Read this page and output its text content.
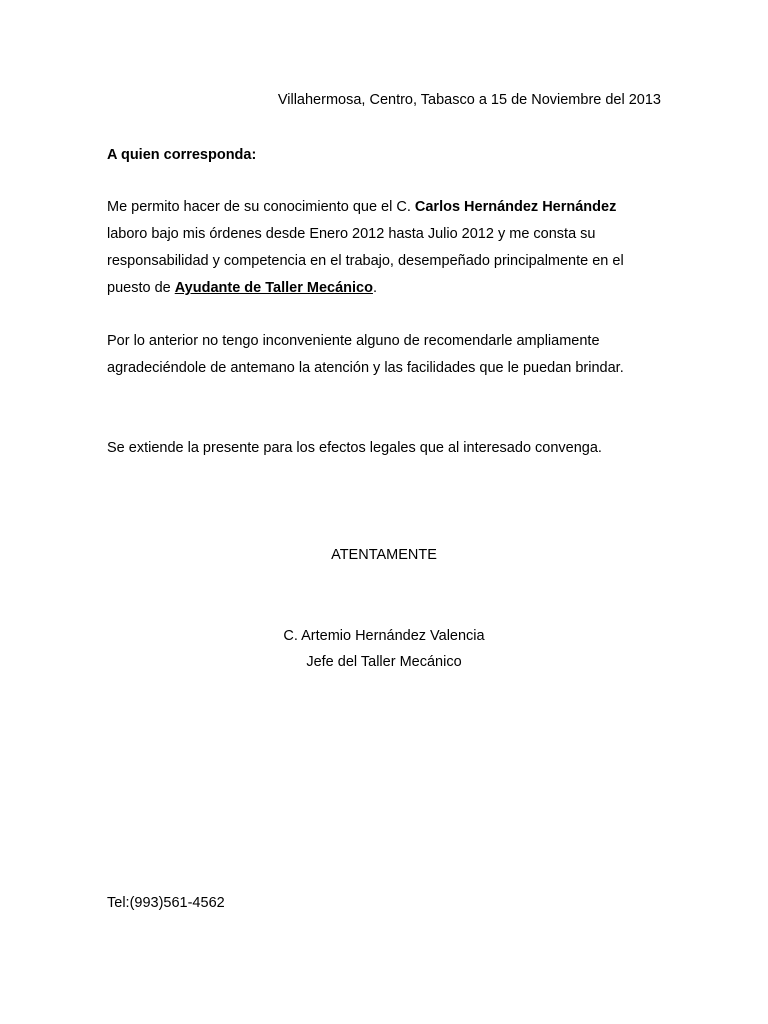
Villahermosa, Centro, Tabasco a 15 de Noviembre del 2013
A quien corresponda:
Me permito hacer de su conocimiento que el C. Carlos Hernández Hernández
laboro bajo mis órdenes desde Enero 2012 hasta Julio 2012 y me consta su
responsabilidad y competencia en el trabajo, desempeñado principalmente en el
puesto de Ayudante de Taller Mecánico.
Por lo anterior no tengo inconveniente alguno de recomendarle ampliamente
agradeciéndole de antemano la atención y las facilidades que le puedan brindar.
Se extiende la presente para los efectos legales que al interesado convenga.
ATENTAMENTE
C. Artemio Hernández Valencia
Jefe del Taller Mecánico
Tel:(993)561-4562
